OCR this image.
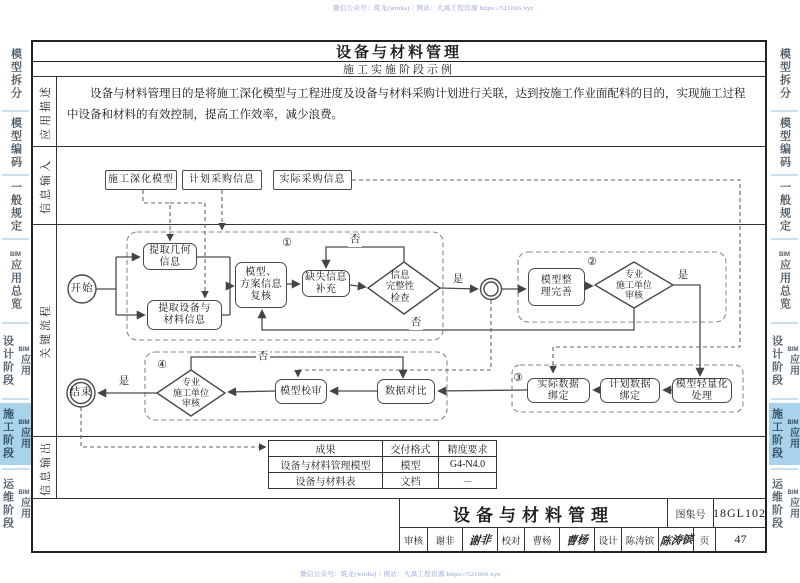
微信公众号：筑龙(works)｜网站：大禹工程资源 https://521666.xyz
微信公众号：筑龙(works)｜网站：大禹工程资源 https://521666.xyz
模型拆分
模型编码
一般规定
BIM
应用总览
设计阶段 BIM
应用
施工阶段 BIM
应用
运维阶段 BIM
应用
模型拆分
模型编码
一般规定
BIM
应用总览
设计阶段 BIM
应用
施工阶段 BIM
应用
运维阶段 BIM
应用
设备与材料管理
施工实施阶段示例
应用描述	设备与材料管理目的是将施工深化模型与工程进度及设备与材料采购计划进行关联，达到按施工作业面配料的目的，实现施工过程中设备和材料的有效控制，提高工作效率，减少浪费。
信息输入
关键流程
信息输出
设备与材料管理	图集号 18GL102
审核	谢非	谢非	校对	曹杨	曹杨	设计 陈涛镔 陈涛镔 页	47
施工深化模型 计划采购信息 实际采购信息
开始
结束
提取几何
信息
提取设备与
材料信息
模型、
方案信息
复核
缺失信息
补充
模型整
理完善
模型轻量化
处理
计划数据
绑定
实际数据
绑定
数据对比
模型校审
信息
完整性
检查
专业
施工单位
审核
专业
施工单位
审核
否
否
否
是	是
是
①
②
③
④
成果	交付格式	精度要求
设备与材料管理模型	模型	G4-N4.0
设备与材料表	文档	－
